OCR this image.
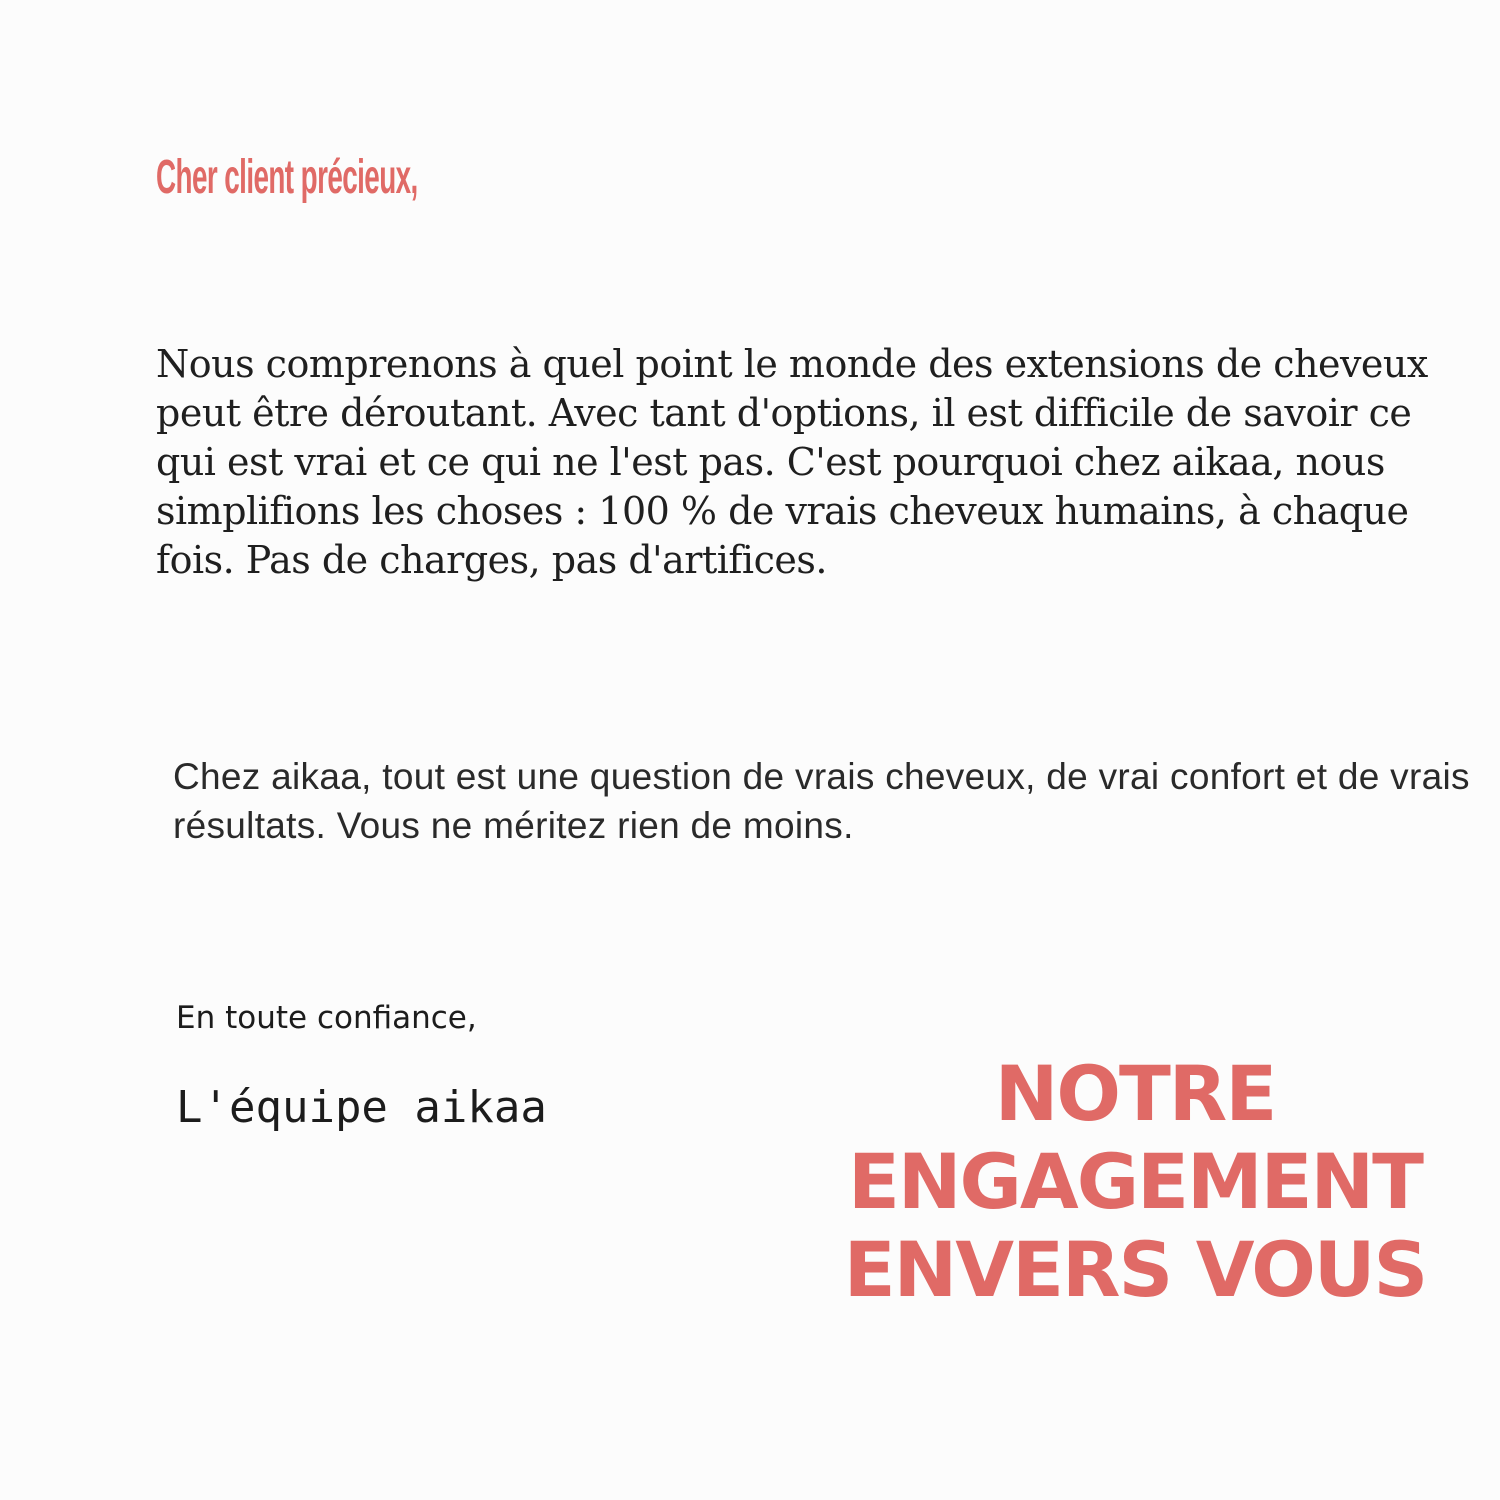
Cher client précieux,

Nous comprenons à quel point le monde des extensions de cheveux peut être déroutant. Avec tant d'options, il est difficile de savoir ce qui est vrai et ce qui ne l'est pas. C'est pourquoi chez aikaa, nous simplifions les choses : 100 % de vrais cheveux humains, à chaque fois. Pas de charges, pas d'artifices.

Chez aikaa, tout est une question de vrais cheveux, de vrai confort et de vrais résultats. Vous ne méritez rien de moins.

En toute confiance,

L'équipe aikaa	NOTRE
ENGAGEMENT
ENVERS VOUS
